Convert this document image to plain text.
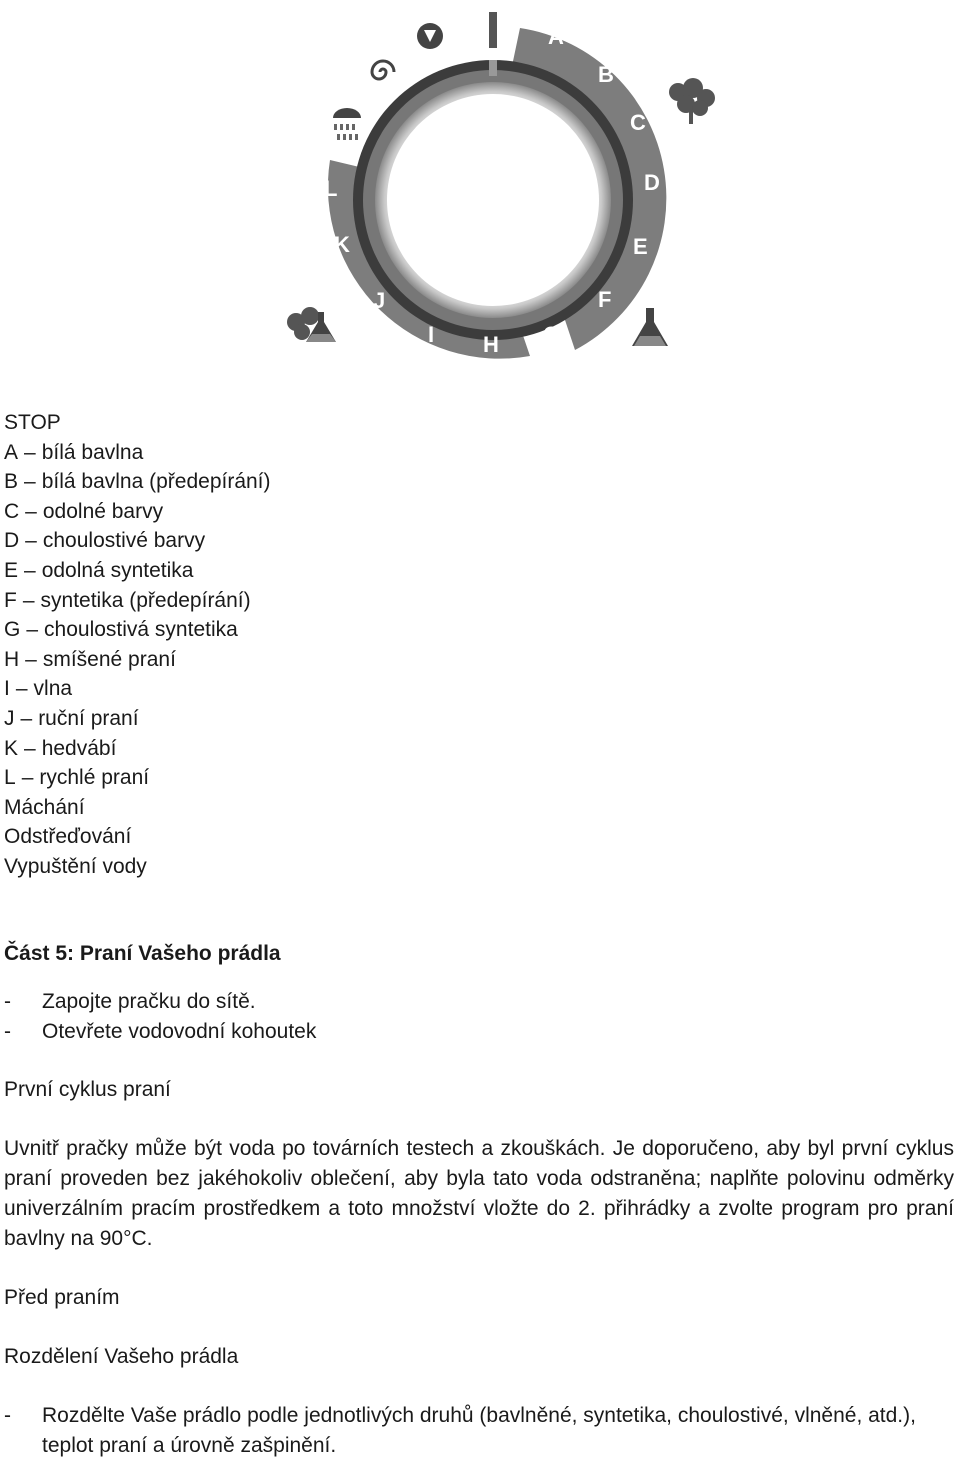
A
B
C
D
E
F
G
L
K
J
I H
STOP
A – bílá bavlna
B – bílá bavlna (předepírání)
C – odolné barvy
D – choulostivé barvy
E – odolná syntetika
F – syntetika (předepírání)
G – choulostivá syntetika
H – smíšené praní
I – vlna
J – ruční praní
K – hedvábí
L – rychlé praní
Máchání
Odstřeďování
Vypuštění vody
Část 5: Praní Vašeho prádla
- Zapojte pračku do sítě.
- Otevřete vodovodní kohoutek
První cyklus praní
Uvnitř pračky může být voda po továrních testech a zkouškách. Je doporučeno, aby byl první cyklus praní proveden bez jakéhokoliv oblečení, aby byla tato voda odstraněna; naplňte polovinu odměrky univerzálním pracím prostředkem a toto množství vložte do 2. přihrádky a zvolte program pro praní bavlny na 90°C.
Před praním
Rozdělení Vašeho prádla
- Rozdělte Vaše prádlo podle jednotlivých druhů (bavlněné, syntetika, choulostivé, vlněné, atd.), teplot praní a úrovně zašpinění.
